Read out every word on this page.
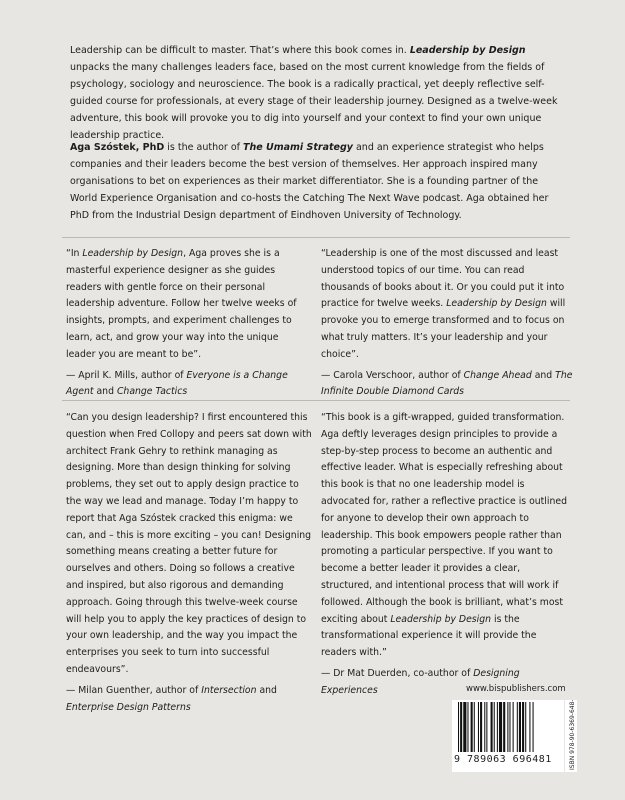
Leadership can be difficult to master. That’s where this book comes in. Leadership by Design unpacks the many challenges leaders face, based on the most current knowledge from the fields of psychology, sociology and neuroscience. The book is a radically practical, yet deeply reflective self-guided course for professionals, at every stage of their leadership journey. Designed as a twelve-week adventure, this book will provoke you to dig into yourself and your context to find your own unique leadership practice.

Aga Szóstek, PhD is the author of The Umami Strategy and an experience strategist who helps companies and their leaders become the best version of themselves. Her approach inspired many organisations to bet on experiences as their market differentiator. She is a founding partner of the World Experience Organisation and co-hosts the Catching The Next Wave podcast. Aga obtained her PhD from the Industrial Design department of Eindhoven University of Technology.

“In Leadership by Design, Aga proves she is a masterful experience designer as she guides readers with gentle force on their personal leadership adventure. Follow her twelve weeks of insights, prompts, and experiment challenges to learn, act, and grow your way into the unique leader you are meant to be”.
— April K. Mills, author of Everyone is a Change Agent and Change Tactics
“Leadership is one of the most discussed and least understood topics of our time. You can read thousands of books about it. Or you could put it into practice for twelve weeks. Leadership by Design will provoke you to emerge transformed and to focus on what truly matters. It’s your leadership and your choice”.
— Carola Verschoor, author of Change Ahead and The Infinite Double Diamond Cards
“Can you design leadership? I first encountered this question when Fred Collopy and peers sat down with architect Frank Gehry to rethink managing as designing. More than design thinking for solving problems, they set out to apply design practice to the way we lead and manage. Today I’m happy to report that Aga Szóstek cracked this enigma: we can, and – this is more exciting – you can! Designing something means creating a better future for ourselves and others. Doing so follows a creative and inspired, but also rigorous and demanding approach. Going through this twelve-week course will help you to apply the key practices of design to your own leadership, and the way you impact the enterprises you seek to turn into successful endeavours”.
— Milan Guenther, author of Intersection and Enterprise Design Patterns
“This book is a gift-wrapped, guided transformation. Aga deftly leverages design principles to provide a step-by-step process to become an authentic and effective leader. What is especially refreshing about this book is that no one leadership model is advocated for, rather a reflective practice is outlined for anyone to develop their own approach to leadership. This book empowers people rather than promoting a particular perspective. If you want to become a better leader it provides a clear, structured, and intentional process that will work if followed. Although the book is brilliant, what’s most exciting about Leadership by Design is the transformational experience it will provide the readers with.”
— Dr Mat Duerden, co-author of Designing Experiences	www.bispublishers.com
9 789063 696481	ISBN 978-90-6369-648-1
